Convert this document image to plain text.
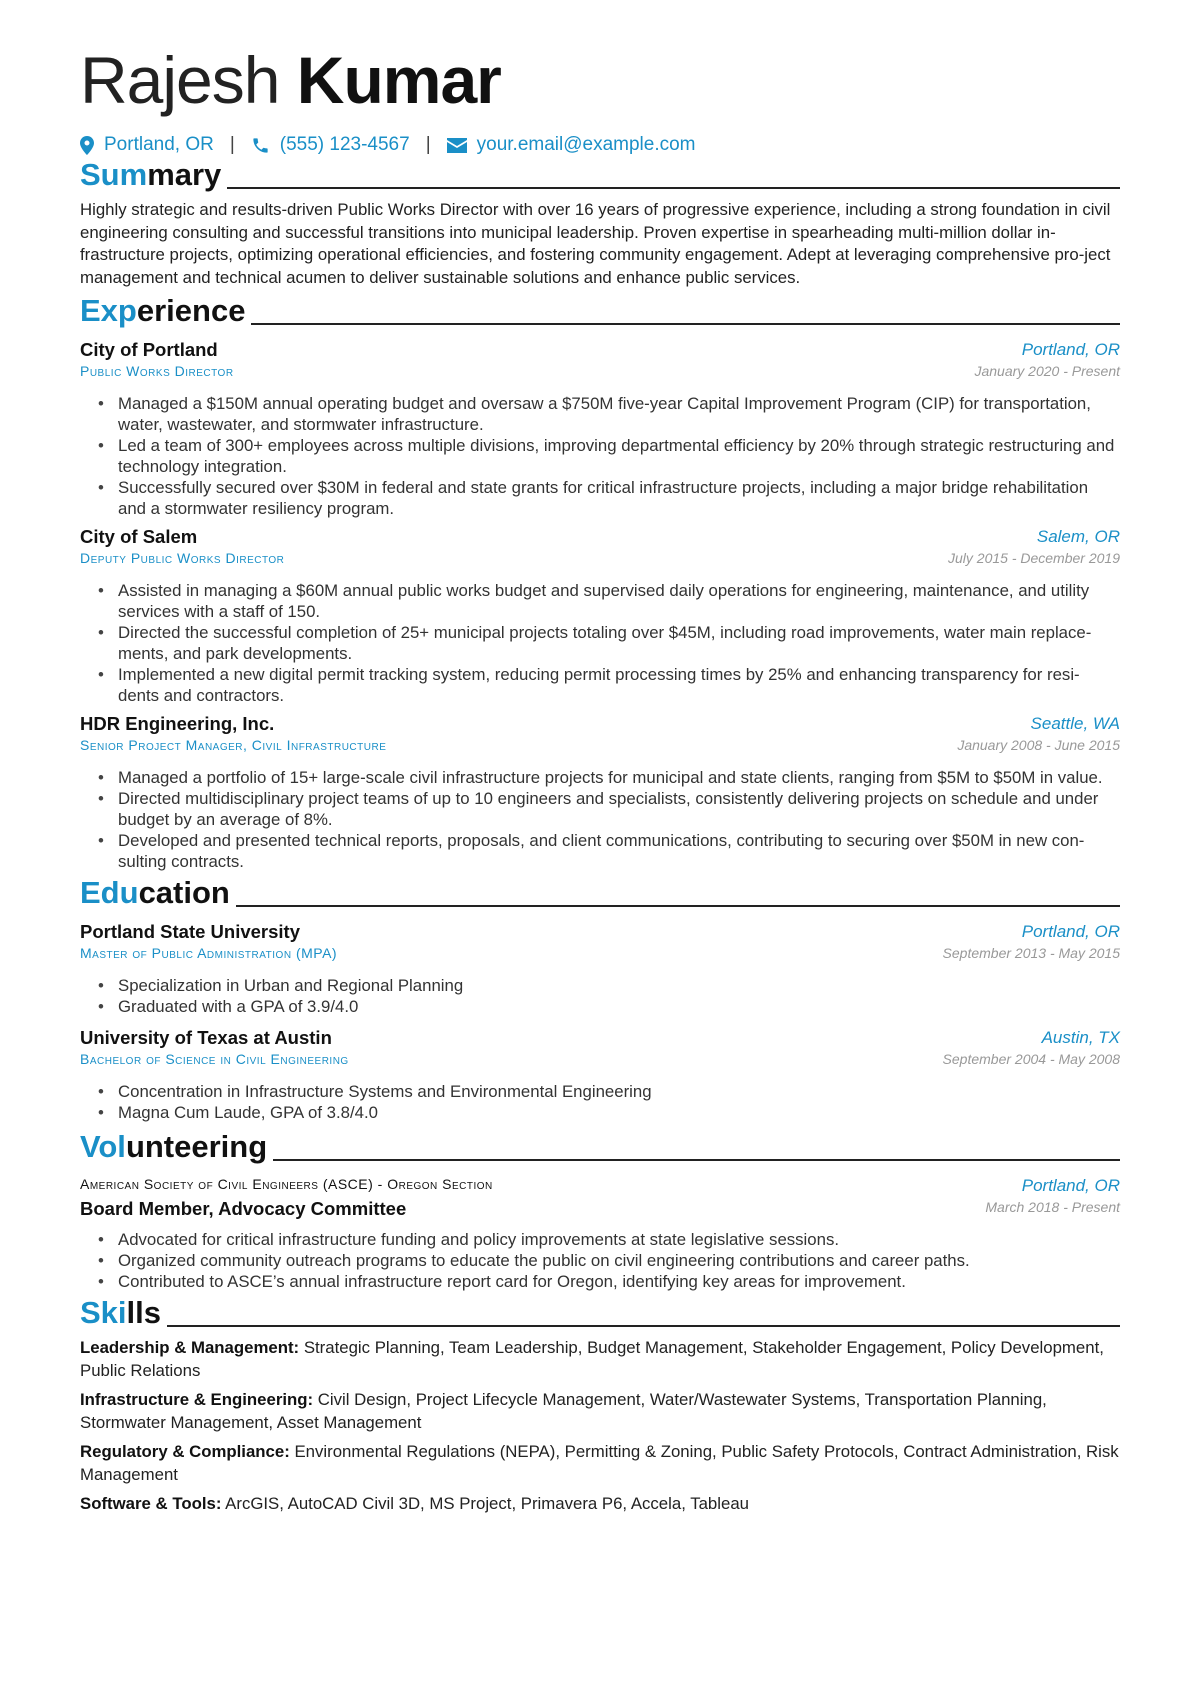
Rajesh Kumar
Portland, OR | (555) 123-4567 | your.email@example.com
Summary
Highly strategic and results-driven Public Works Director with over 16 years of progressive experience, including a strong foundation in civil engineering consulting and successful transitions into municipal leadership. Proven expertise in spearheading multi-million dollar in-frastructure projects, optimizing operational efficiencies, and fostering community engagement. Adept at leveraging comprehensive pro-ject management and technical acumen to deliver sustainable solutions and enhance public services.
Experience
City of Portland	Portland, OR
Public Works Director	January 2020 - Present
• Managed a $150M annual operating budget and oversaw a $750M five-year Capital Improvement Program (CIP) for transportation, water, wastewater, and stormwater infrastructure.
• Led a team of 300+ employees across multiple divisions, improving departmental efficiency by 20% through strategic restructuring and technology integration.
• Successfully secured over $30M in federal and state grants for critical infrastructure projects, including a major bridge rehabilitation and a stormwater resiliency program.
City of Salem	Salem, OR
Deputy Public Works Director	July 2015 - December 2019
• Assisted in managing a $60M annual public works budget and supervised daily operations for engineering, maintenance, and utility services with a staff of 150.
• Directed the successful completion of 25+ municipal projects totaling over $45M, including road improvements, water main replace-ments, and park developments.
• Implemented a new digital permit tracking system, reducing permit processing times by 25% and enhancing transparency for resi-dents and contractors.
HDR Engineering, Inc.	Seattle, WA
Senior Project Manager, Civil Infrastructure	January 2008 - June 2015
• Managed a portfolio of 15+ large-scale civil infrastructure projects for municipal and state clients, ranging from $5M to $50M in value.
• Directed multidisciplinary project teams of up to 10 engineers and specialists, consistently delivering projects on schedule and under budget by an average of 8%.
• Developed and presented technical reports, proposals, and client communications, contributing to securing over $50M in new con-sulting contracts.
Education
Portland State University	Portland, OR
Master of Public Administration (MPA)	September 2013 - May 2015
• Specialization in Urban and Regional Planning
• Graduated with a GPA of 3.9/4.0
University of Texas at Austin	Austin, TX
Bachelor of Science in Civil Engineering	September 2004 - May 2008
• Concentration in Infrastructure Systems and Environmental Engineering
• Magna Cum Laude, GPA of 3.8/4.0
Volunteering
American Society of Civil Engineers (ASCE) - Oregon Section	Portland, OR
Board Member, Advocacy Committee	March 2018 - Present
• Advocated for critical infrastructure funding and policy improvements at state legislative sessions.
• Organized community outreach programs to educate the public on civil engineering contributions and career paths.
• Contributed to ASCE’s annual infrastructure report card for Oregon, identifying key areas for improvement.
Skills
Leadership & Management: Strategic Planning, Team Leadership, Budget Management, Stakeholder Engagement, Policy Development, Public Relations
Infrastructure & Engineering: Civil Design, Project Lifecycle Management, Water/Wastewater Systems, Transportation Planning, Stormwater Management, Asset Management
Regulatory & Compliance: Environmental Regulations (NEPA), Permitting & Zoning, Public Safety Protocols, Contract Administration, Risk Management
Software & Tools: ArcGIS, AutoCAD Civil 3D, MS Project, Primavera P6, Accela, Tableau
